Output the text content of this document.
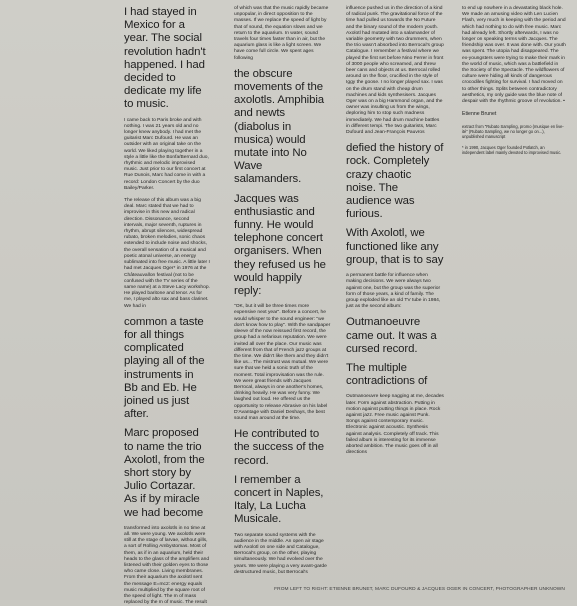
I had stayed in Mexico for a year. The social revolution hadn't happened. I had decided to dedicate my life to music.

I came back to Paris broke and with nothing. I was 21 years old and no longer knew anybody. I had met the guitarist Marc Dufourd. He was an outsider with an original take on the world. We liked playing together in a style a little like the Bonfa/Bernard duo, rhythmic and melodic improvised music. Just prior to our first concert at Rue Dunois, Marc had come in with a record: London Concert by the duo Bailey/Parker.

The release of this album was a big deal. Marc stated that we had to improvise in this new and radical direction. Dissonance, second intervals, major seventh, ruptures in rhythm, abrupt silences, widespread rubato, broken melodies, sonic chaos extended to include noise and shocks, the overall sensation of a musical and poetic atonal universe, an energy sublimated into free music. A little later I had met Jacques Oger* in 1976 at the Châteauvallon festival (not to be confused with the TV series of the same name) at a Steve Lacy workshop. He played baritone and tenor. As for me, I played alto sax and bass clarinet. We had in

common a taste for all things complicated playing all of the instruments in Bb and Eb. He joined us just after.

Marc proposed to name the trio Axolotl, from the short story by Julio Cortazar. As if by miracle we had become

transformed into axolotls in no time at all. We were young. We axolotls were still at the stage of larvae, without gills, a sort of Rolling Ambystomas. Most of them, as if in an aquarium, held their heads to the glass of the amplifiers and listened with their golden eyes to those who came close. Living membranes. From their aquarium the axolotl sent the message E=mc2: energy equals music multiplied by the square root of the speed of light. The m of mass replaced by the m of music. The result

of which was that the music rapidly became unpopular, in direct opposition to the masses. If we replace the speed of light by that of sound, the equation slows and we return to the aquarium. In water, sound travels four times faster than in air, but the aquarium glass is like a light screen. We have come full circle. We spent ages following

the obscure movements of the axolotls. Amphibia and newts (diabolus in musica) would mutate into No Wave salamanders.

Jacques was enthusiastic and funny. He would telephone concert organisers. When they refused us he would happily reply:

"OK, but it will be three times more expensive next year". Before a concert, he would whisper to the sound engineer: "we don't know how to play". With the sandpaper sleeve of the now reissued first record, the group had a nefarious reputation. We were invited all over the place. Our music was different from that of French jazz groups at the time. We didn't like them and they didn't like us... The mistrust was mutual. We were sure that we held a sonic truth of the moment. Total improvisation was the rule. We were great friends with Jacques Berrocal, always in one another's homes, drinking heavily. He was very funny. We laughed out loud. He offered us the opportunity to release Abrasive on his label D'Avantage with Daniel Deshays, the best sound man around at the time.

He contributed to the success of the record.

I remember a concert in Naples, Italy, La Lucha Musicale.

Two separate sound systems with the audience in the middle. An open air stage with Axolotl on one side and Catalogue, Berrocal's group, on the other, playing simultaneously. We had evolved over the years. We were playing a very avant-garde destructured music, but Berrocal's

influence pushed us in the direction of a kind of radical punk. The gravitational force of the time had pulled us towards the No Future and the binary sound of the modern youth. Axolotl had mutated into a salamander of variable geometry with two drummers, when the trio wasn't absorbed into Berrocal's group Catalogue. I remember a festival where we played the first set before Nino Ferrer in front of 3000 people who screamed, and threw beer cans and objects at us. Berrocal rolled around on the floor, crucified in the style of Iggy the goose. I no longer played sax. I was on the drum stand with cheap drum machines and kids synthesisers. Jacques Oger was on a big Hammond organ, and the owner was insulting us from the wings, deploring him to stop such madness immediately. We had drum machine battles in different tempi. The two guitarists, Marc Dufourd and Jean-François Pauvros

defied the history of rock. Completely crazy chaotic noise. The audience was furious.

With Axolotl, we functioned like any group, that is to say

a permanent battle for influence when making decisions. We were always two against one, but the group was the superior form of those years, a kind of family. The group exploded like an old TV tube in 1984, just as the second album:

Outmanoeuvre came out. It was a cursed record.

The multiple contradictions of

Outmanoeuvre keep nagging at me, decades later. Form against abstraction. Putting in motion against putting things in place. Rock against jazz. Free music against Punk. Songs against contemporary music. Electronic against acoustic. Synthesis against analysis. Completely off track. This failed album is interesting for its immense aborted ambition. The music goes off in all directions

to end up nowhere in a devastating black hole. We made an amusing video with Len Lucien Flash, very much in keeping with the period and which had nothing to do with free music. Marc had already left. Shortly afterwards, I was no longer on speaking terms with Jacques. The friendship was over. It was done with. Our youth was spent. The utopia had disappeared. The ex-youngsters were trying to make their mark in the world of music, which was a battlefield in the Society of the Spectacle. The wildflowers of culture were hiding all kinds of dangerous crocodiles fighting for survival. I had moved on to other things. Splits between contradictory aesthetics, my only guide was the blue note of despair with the rhythmic groove of revolution. •

Etienne Brunet

extract from "Rubato Sampling, promo (musique en live-ité" (Rubato Sampling, we no longer go on...), unpublished manuscript

* in 1990, Jacques Oger founded Potlatch, an independent label mainly devoted to improvised music.

FROM LEFT TO RIGHT: ETIENNE BRUNET, MARC DUFOURD & JACQUES OGER IN CONCERT, PHOTOGRAPHER UNKNOWN
